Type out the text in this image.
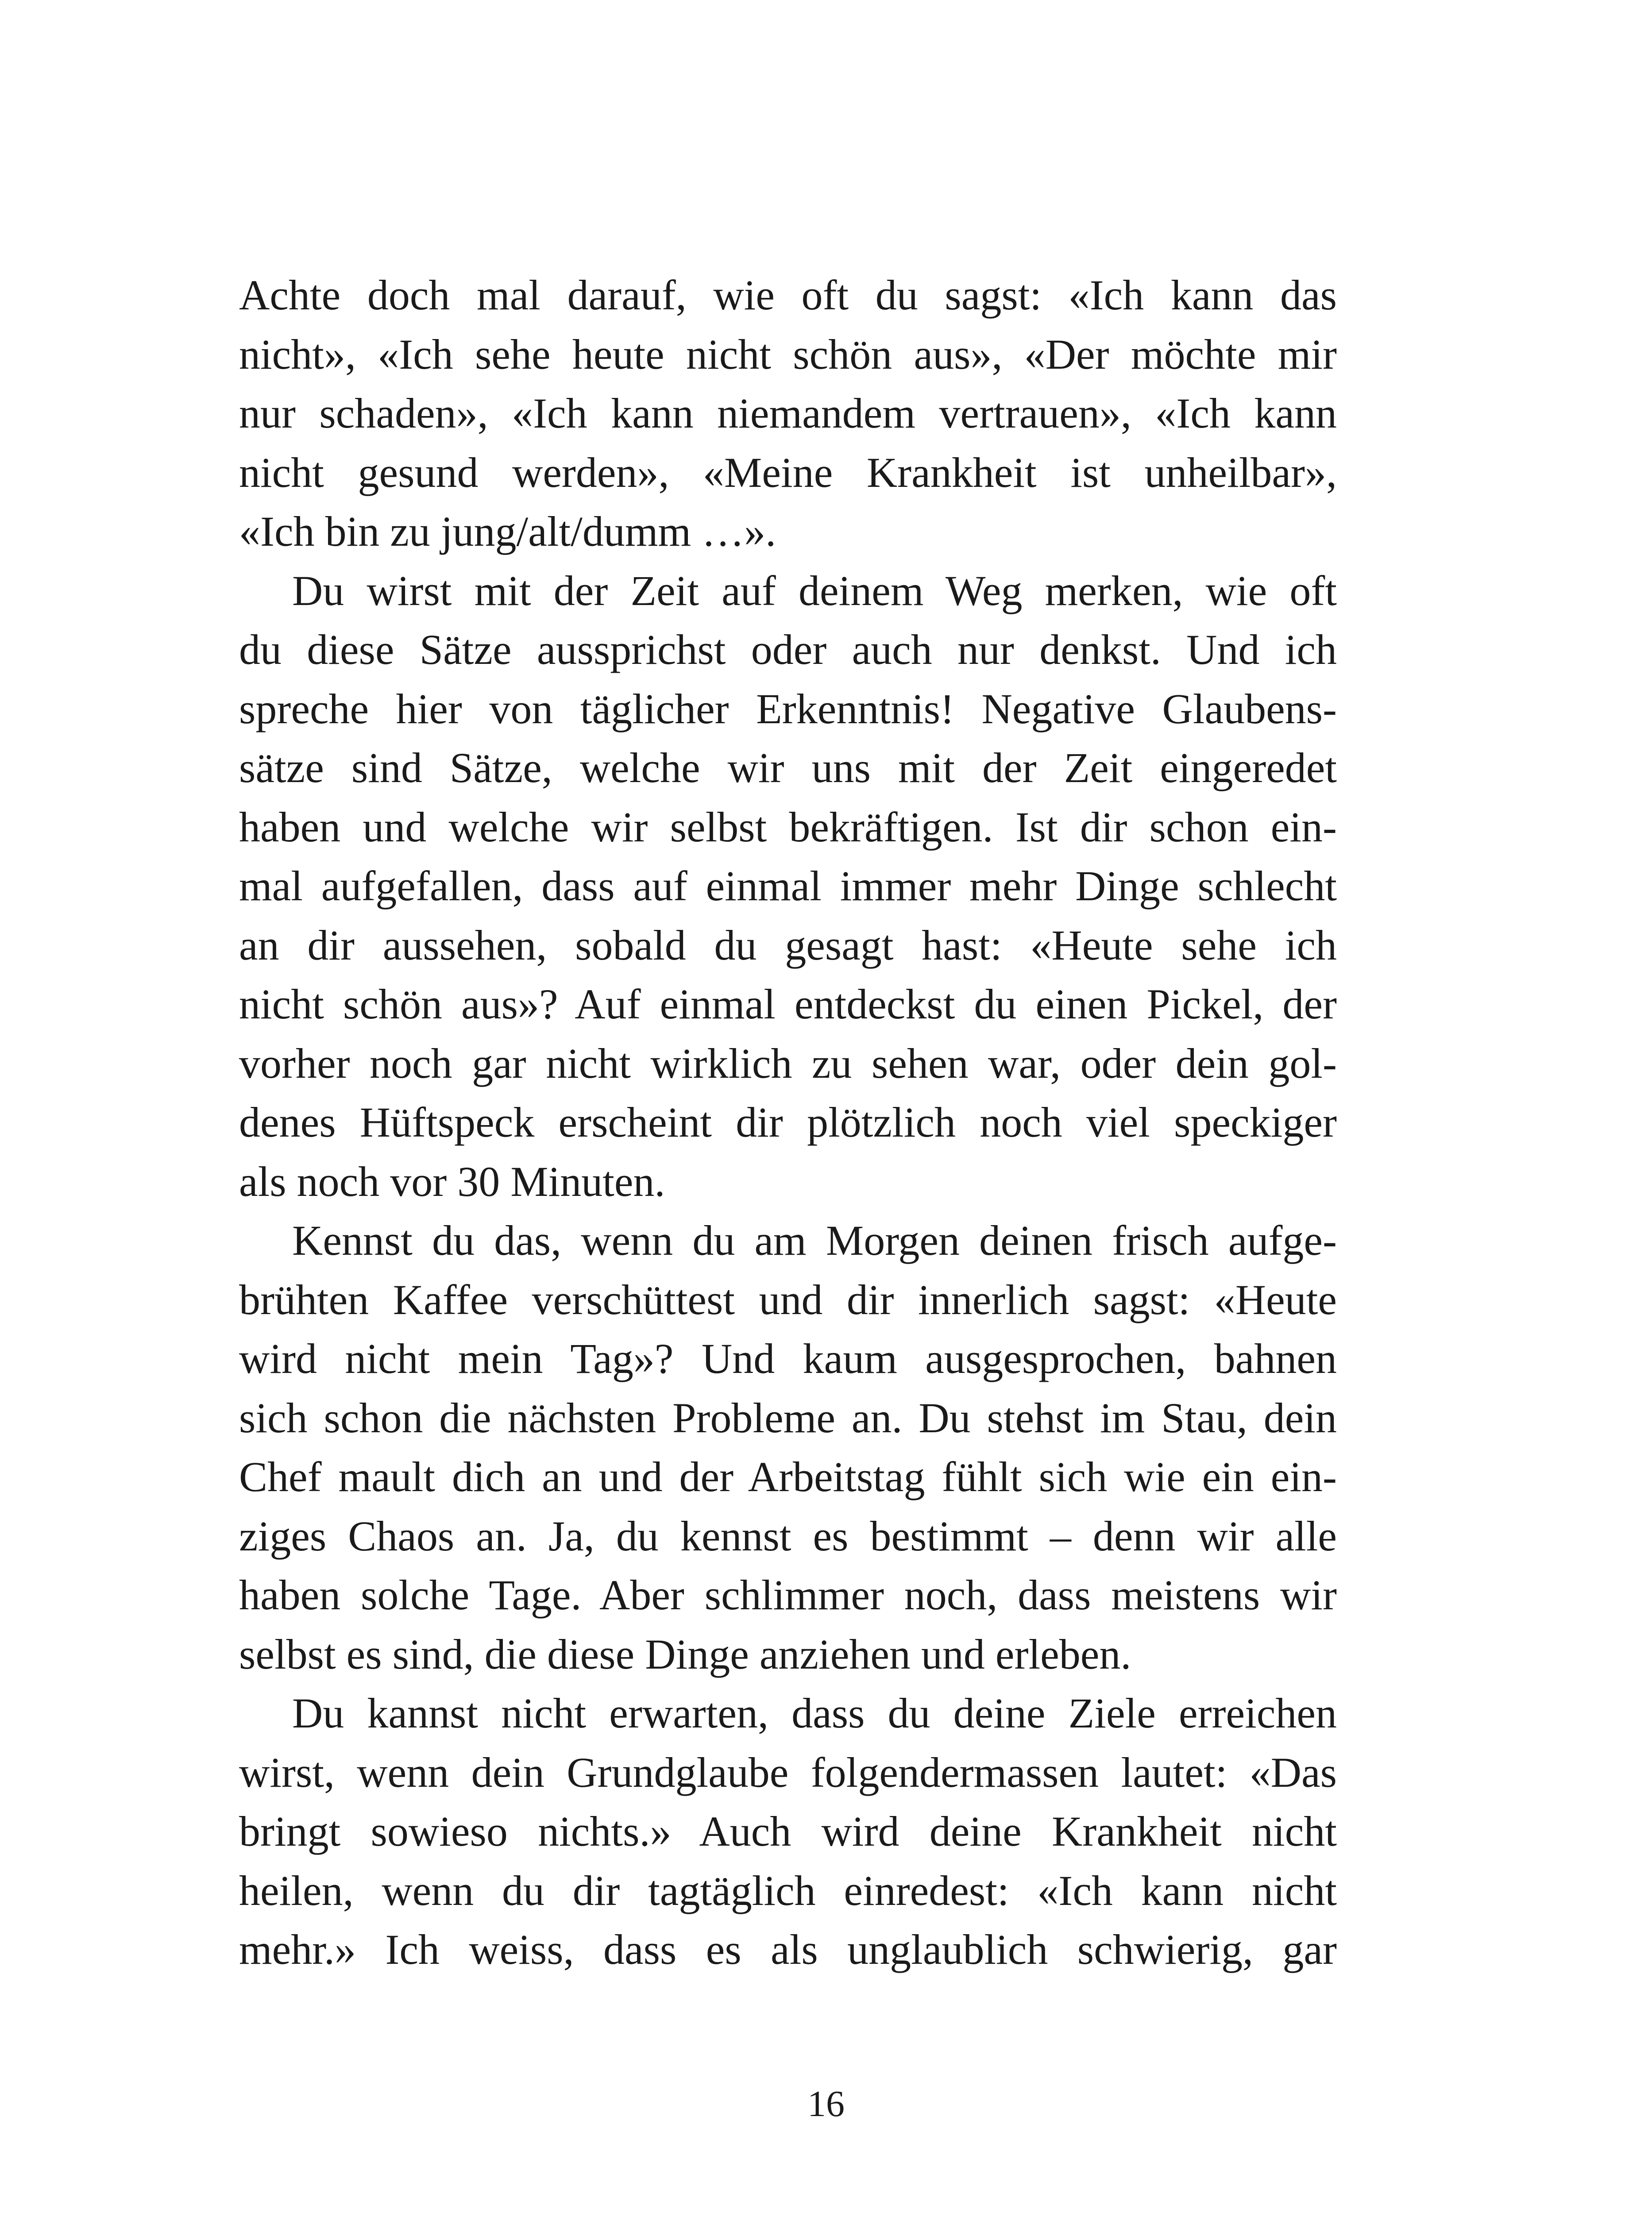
Achte doch mal darauf, wie oft du sagst: «Ich kann das
nicht», «Ich sehe heute nicht schön aus», «Der möchte mir
nur schaden», «Ich kann niemandem vertrauen», «Ich kann
nicht gesund werden», «Meine Krankheit ist unheilbar»,
«Ich bin zu jung/alt/dumm …».
Du wirst mit der Zeit auf deinem Weg merken, wie oft
du diese Sätze aussprichst oder auch nur denkst. Und ich
spreche hier von täglicher Erkenntnis! Negative Glaubens-
sätze sind Sätze, welche wir uns mit der Zeit eingeredet
haben und welche wir selbst bekräftigen. Ist dir schon ein-
mal aufgefallen, dass auf einmal immer mehr Dinge schlecht
an dir aussehen, sobald du gesagt hast: «Heute sehe ich
nicht schön aus»? Auf einmal entdeckst du einen Pickel, der
vorher noch gar nicht wirklich zu sehen war, oder dein gol-
denes Hüftspeck erscheint dir plötzlich noch viel speckiger
als noch vor 30 Minuten.
Kennst du das, wenn du am Morgen deinen frisch aufge-
brühten Kaffee verschüttest und dir innerlich sagst: «Heute
wird nicht mein Tag»? Und kaum ausgesprochen, bahnen
sich schon die nächsten Probleme an. Du stehst im Stau, dein
Chef mault dich an und der Arbeitstag fühlt sich wie ein ein-
ziges Chaos an. Ja, du kennst es bestimmt – denn wir alle
haben solche Tage. Aber schlimmer noch, dass meistens wir
selbst es sind, die diese Dinge anziehen und erleben.
Du kannst nicht erwarten, dass du deine Ziele erreichen
wirst, wenn dein Grundglaube folgendermassen lautet: «Das
bringt sowieso nichts.» Auch wird deine Krankheit nicht
heilen, wenn du dir tagtäglich einredest: «Ich kann nicht
mehr.» Ich weiss, dass es als unglaublich schwierig, gar
16
